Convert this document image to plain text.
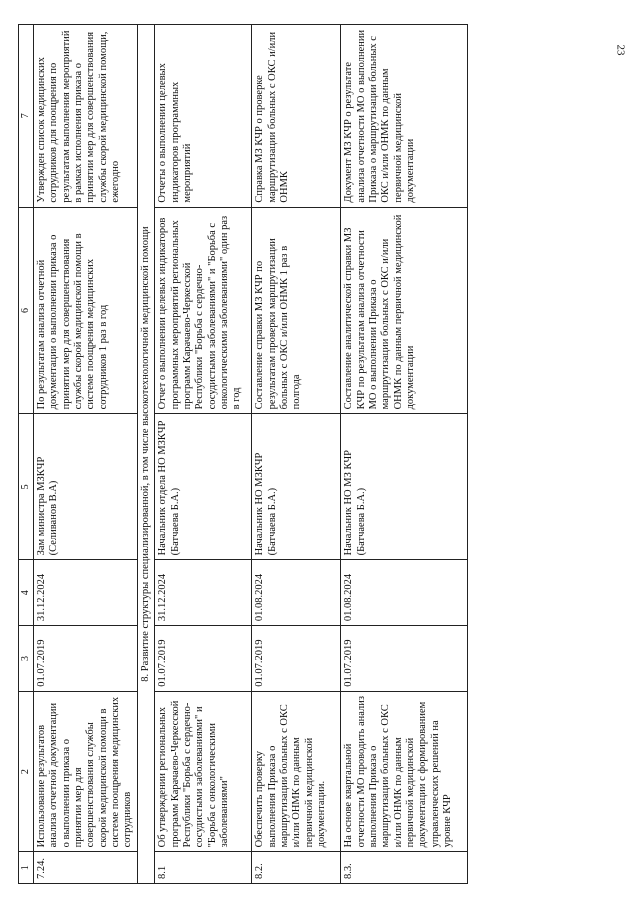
23
1	2	3	4	5	6	7
7.24.	Использование результатов анализа отчетной документации о выполнении приказа о принятии мер для совершенствования службы скорой медицинской помощи в системе поощрения медицинских сотрудников	01.07.2019	31.12.2024	Зам министра МЗКЧР (Селиванов В.А)	По результатам анализа отчетной документации о выполнении приказа о принятии мер для совершенствования службы скорой медицинской помощи в системе поощрения медицинских сотрудников 1 раз в год	Утвержден список медицинских сотрудников для поощрения по результатам выполнения мероприятий в рамках исполнения приказа о принятии мер для совершенствования службы скорой медицинской помощи, ежегодно
8. Развитие структуры специализированной, в том числе высокотехнологичной медицинской помощи						
8.1	Об утверждении региональных программ Карачаево-Черкесской Республики "Борьба с сердечно-сосудистыми заболеваниями" и "Борьба с онкологическими заболеваниями"	01.07.2019	31.12.2024	Начальник отдела НО МЗКЧР (Батчаева Б.А.)	Отчет о выполнении целевых индикаторов программных мероприятий региональных программ Карачаево-Черкесской Республики "Борьба с сердечно-сосудистыми заболеваниями" и "Борьба с онкологическими заболеваниями" один раз в год	Отчеты о выполнении целевых индикаторов программных мероприятий
8.2.	Обеспечить проверку выполнения Приказа о маршрутизации больных с ОКС и/или ОНМК по данным первичной медицинской документации.	01.07.2019	01.08.2024	Начальник НО МЗКЧР (Батчаева Б.А.)	Составление справки МЗ КЧР по результатам проверки маршрутизации больных с ОКС и/или ОНМК 1 раз в полгода	Справка МЗ КЧР о проверке маршрутизации больных с ОКС и/или ОНМК
8.3.	На основе квартальной отчетности МО проводить анализ выполнения Приказа о маршрутизации больных с ОКС и/или ОНМК по данным первичной медицинской документации с формированием управленческих решений на уровне КЧР	01.07.2019	01.08.2024	Начальник НО МЗ КЧР (Батчаева Б.А.)	Составление аналитической справки МЗ КЧР по результатам анализа отчетности МО о выполнении Приказа о маршрутизации больных с ОКС и/или ОНМК по данным первичной медицинской документации	Документ МЗ КЧР о результате анализа отчетности МО о выполнении Приказа о маршрутизации больных с ОКС и/или ОНМК по данным первичной медицинской документации
